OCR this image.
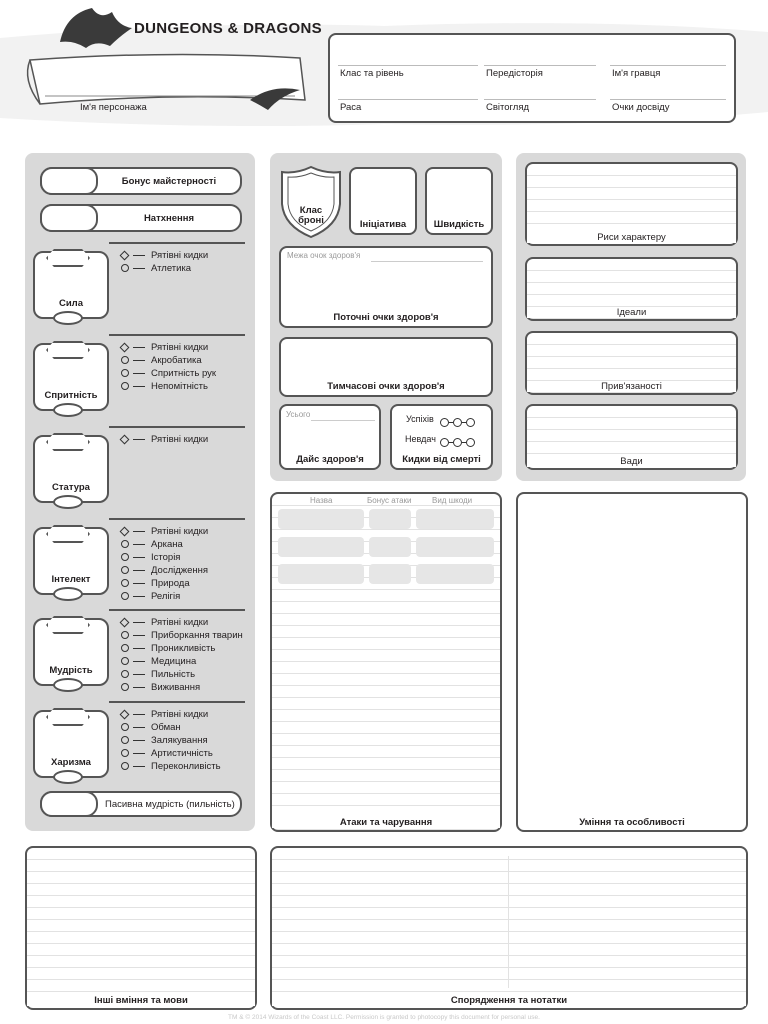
DUNGEONS & DRAGONS
Ім'я персонажа
Клас та рівень	Передісторія	Ім'я гравця
Раса	Світогляд	Очки досвіду
Бонус майстерності
Натхнення
Сила
Спритність
Статура
Інтелект
Мудрість
Харизма
Рятівні кидки
Атлетика
Рятівні кидки
Акробатика
Спритність рук
Непомітність
Рятівні кидки
Рятівні кидки
Аркана
Історія
Дослідження
Природа
Релігія
Рятівні кидки
Приборкання тварин
Проникливість
Медицина
Пильність
Виживання
Рятівні кидки
Обман
Залякування
Артистичність
Переконливість
Пасивна мудрість (пильність)
Клас броні	Ініціатива	Швидкість
Межа очок здоров'я
Поточні очки здоров'я
Тимчасові очки здоров'я
Усього
Дайс здоров'я
Успіхів
Невдач
Кидки від смерті
Риси характеру
Ідеали
Прив'язаності
Вади
Назва	Бонус атаки	Вид шкоди
Атаки та чарування	Уміння та особливості
Інші вміння та мови	Спорядження та нотатки
TM & © 2014 Wizards of the Coast LLC. Permission is granted to photocopy this document for personal use.
